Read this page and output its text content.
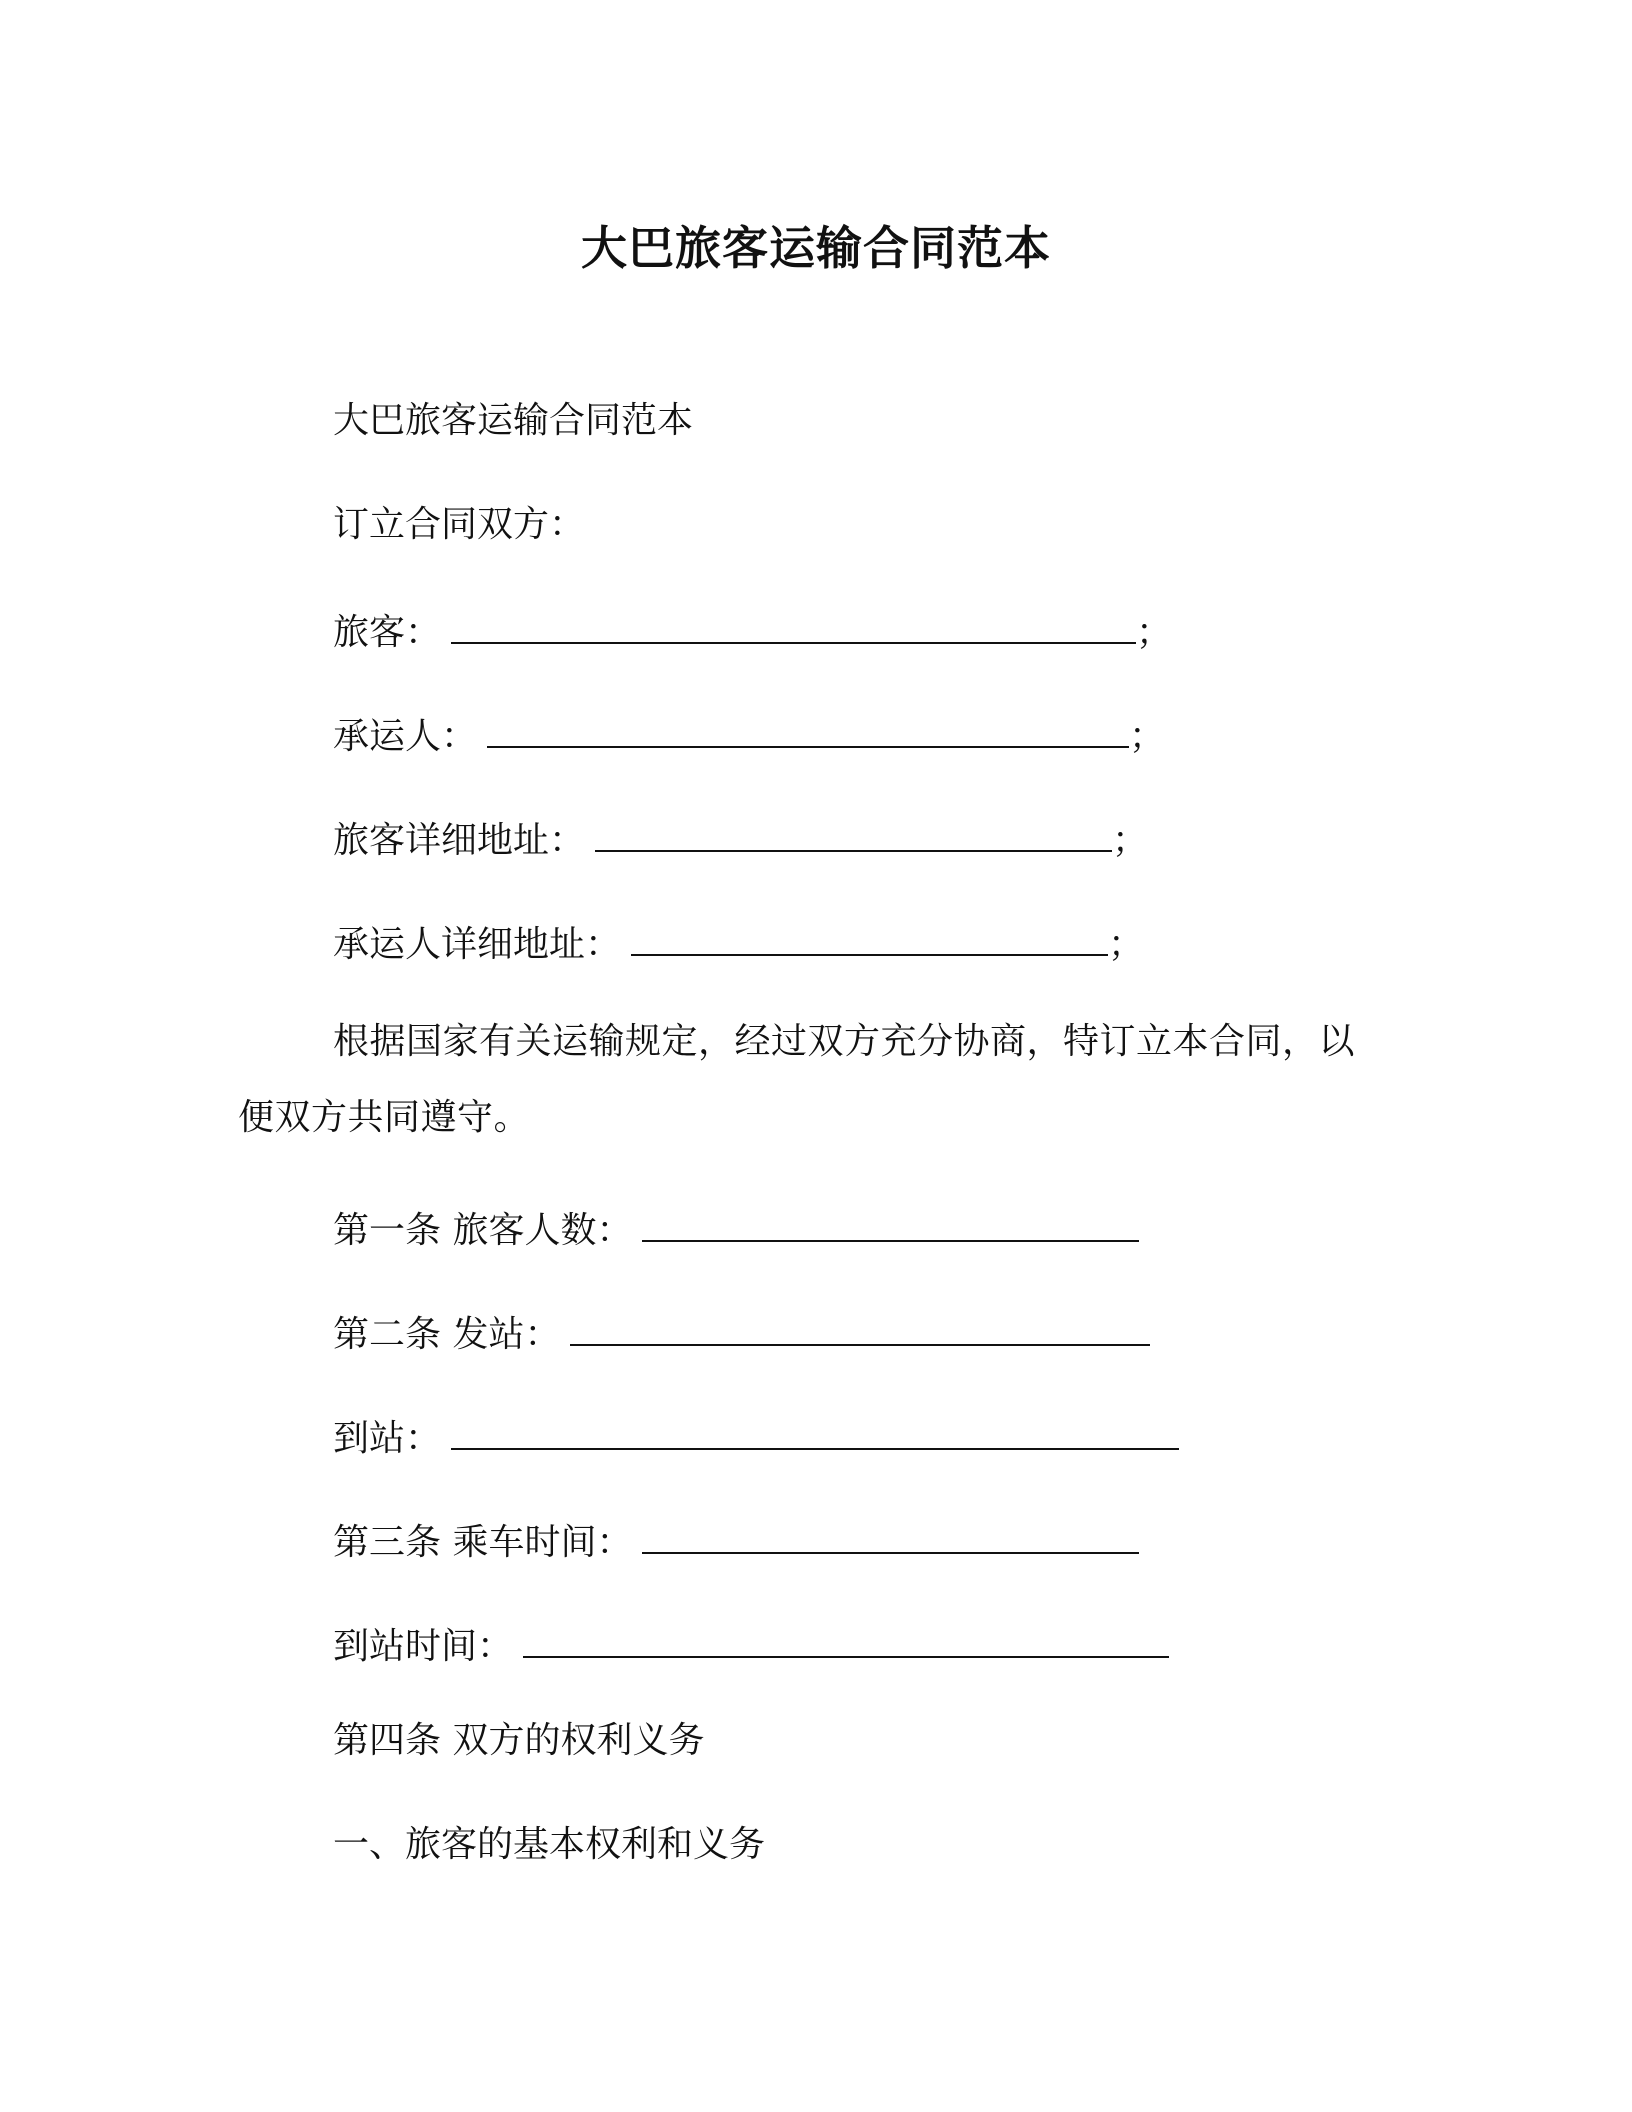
大巴旅客运输合同范本
大巴旅客运输合同范本
订立合同双方：
旅客：	；
承运人：	；
旅客详细地址：	；
承运人详细地址：	；
根据国家有关运输规定，经过双方充分协商，特订立本合同，以便双方共同遵守。
第一条 旅客人数：
第二条 发站：
到站：
第三条 乘车时间：
到站时间：
第四条 双方的权利义务
一、旅客的基本权利和义务
